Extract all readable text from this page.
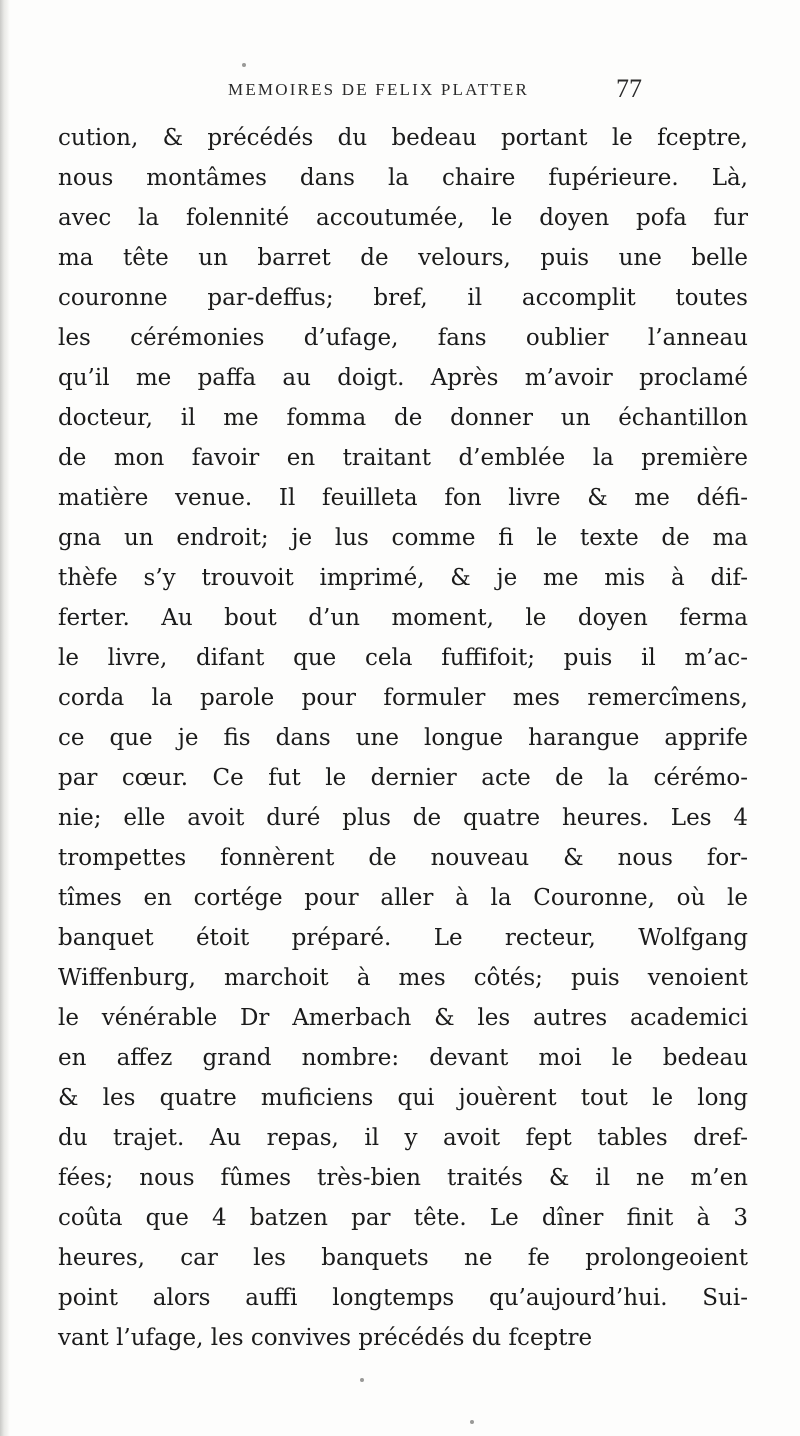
MEMOIRES DE FELIX PLATTER	77
cution, & précédés du bedeau portant le fceptre,
nous montâmes dans la chaire fupérieure. Là,
avec la folennité accoutumée, le doyen pofa fur
ma tête un barret de velours, puis une belle
couronne par-deffus; bref, il accomplit toutes
les cérémonies d’ufage, fans oublier l’anneau
qu’il me paffa au doigt. Après m’avoir proclamé
docteur, il me fomma de donner un échantillon
de mon favoir en traitant d’emblée la première
matière venue. Il feuilleta fon livre & me défi-
gna un endroit; je lus comme fi le texte de ma
thèfe s’y trouvoit imprimé, & je me mis à dif-
ferter. Au bout d’un moment, le doyen ferma
le livre, difant que cela fuffifoit; puis il m’ac-
corda la parole pour formuler mes remercîmens,
ce que je fis dans une longue harangue apprife
par cœur. Ce fut le dernier acte de la cérémo-
nie; elle avoit duré plus de quatre heures. Les 4
trompettes fonnèrent de nouveau & nous for-
tîmes en cortége pour aller à la Couronne, où le
banquet étoit préparé. Le recteur, Wolfgang
Wiffenburg, marchoit à mes côtés; puis venoient
le vénérable Dr Amerbach & les autres academici
en affez grand nombre: devant moi le bedeau
& les quatre muficiens qui jouèrent tout le long
du trajet. Au repas, il y avoit fept tables dref-
fées; nous fûmes très-bien traités & il ne m’en
coûta que 4 batzen par tête. Le dîner finit à 3
heures, car les banquets ne fe prolongeoient
point alors auffi longtemps qu’aujourd’hui. Sui-
vant l’ufage, les convives précédés du fceptre
